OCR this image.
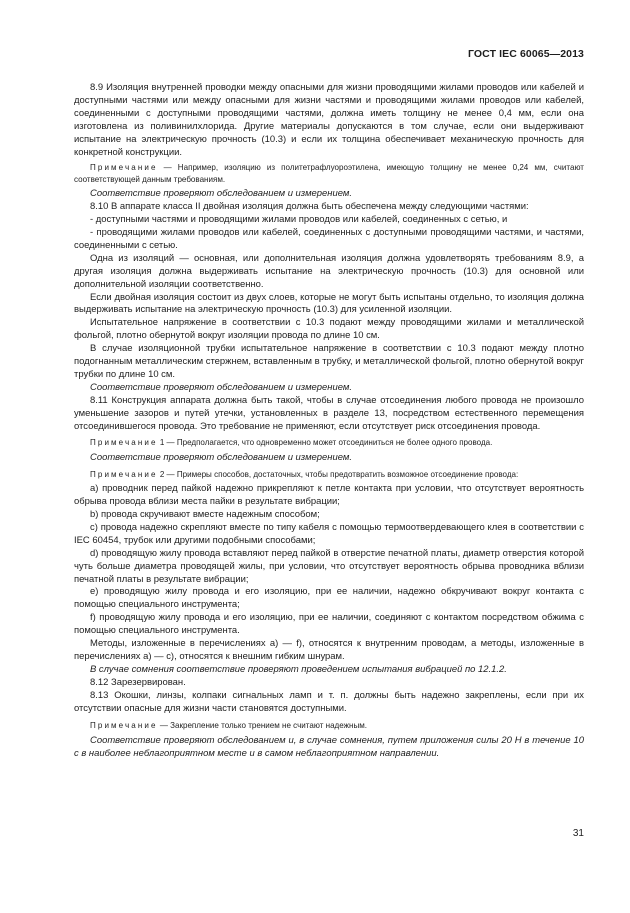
ГОСТ IEC 60065—2013

8.9 Изоляция внутренней проводки между опасными для жизни проводящими жилами проводов или кабелей и доступными частями или между опасными для жизни частями и проводящими жилами проводов или кабелей, соединенными с доступными проводящими частями, должна иметь толщину не менее 0,4 мм, если она изготовлена из поливинилхлорида. Другие материалы допускаются в том случае, если они выдерживают испытание на электрическую прочность (10.3) и если их толщина обеспечивает механическую прочность для конкретной конструкции.

Примечание — Например, изоляцию из политетрафлуороэтилена, имеющую толщину не менее 0,24 мм, считают соответствующей данным требованиям.

Соответствие проверяют обследованием и измерением.

8.10 В аппарате класса II двойная изоляция должна быть обеспечена между следующими частями:

- доступными частями и проводящими жилами проводов или кабелей, соединенных с сетью, и

- проводящими жилами проводов или кабелей, соединенных с доступными проводящими частями, и частями, соединенными с сетью.

Одна из изоляций — основная, или дополнительная изоляция должна удовлетворять требованиям 8.9, а другая изоляция должна выдерживать испытание на электрическую прочность (10.3) для основной или дополнительной изоляции соответственно.

Если двойная изоляция состоит из двух слоев, которые не могут быть испытаны отдельно, то изоляция должна выдерживать испытание на электрическую прочность (10.3) для усиленной изоляции.

Испытательное напряжение в соответствии с 10.3 подают между проводящими жилами и металлической фольгой, плотно обернутой вокруг изоляции провода по длине 10 см.

В случае изоляционной трубки испытательное напряжение в соответствии с 10.3 подают между плотно подогнанным металлическим стержнем, вставленным в трубку, и металлической фольгой, плотно обернутой вокруг трубки по длине 10 см.

Соответствие проверяют обследованием и измерением.

8.11 Конструкция аппарата должна быть такой, чтобы в случае отсоединения любого провода не произошло уменьшение зазоров и путей утечки, установленных в разделе 13, посредством естественного перемещения отсоединившегося провода. Это требование не применяют, если отсутствует риск отсоединения провода.

Примечание 1 — Предполагается, что одновременно может отсоединиться не более одного провода.

Соответствие проверяют обследованием и измерением.

Примечание 2 — Примеры способов, достаточных, чтобы предотвратить возможное отсоединение провода:

a) проводник перед пайкой надежно прикрепляют к петле контакта при условии, что отсутствует вероятность обрыва провода вблизи места пайки в результате вибрации;

b) провода скручивают вместе надежным способом;

c) провода надежно скрепляют вместе по типу кабеля с помощью термоотвердевающего клея в соответствии с IEC 60454, трубок или другими подобными способами;

d) проводящую жилу провода вставляют перед пайкой в отверстие печатной платы, диаметр отверстия которой чуть больше диаметра проводящей жилы, при условии, что отсутствует вероятность обрыва проводника вблизи печатной платы в результате вибрации;

e) проводящую жилу провода и его изоляцию, при ее наличии, надежно обкручивают вокруг контакта с помощью специального инструмента;

f) проводящую жилу провода и его изоляцию, при ее наличии, соединяют с контактом посредством обжима с помощью специального инструмента.

Методы, изложенные в перечислениях a) — f), относятся к внутренним проводам, а методы, изложенные в перечислениях a) — c), относятся к внешним гибким шнурам.

В случае сомнения соответствие проверяют проведением испытания вибрацией по 12.1.2.

8.12 Зарезервирован.

8.13 Окошки, линзы, колпаки сигнальных ламп и т. п. должны быть надежно закреплены, если при их отсутствии опасные для жизни части становятся доступными.

Примечание — Закрепление только трением не считают надежным.

Соответствие проверяют обследованием и, в случае сомнения, путем приложения силы 20 Н в течение 10 с в наиболее неблагоприятном месте и в самом неблагоприятном направлении.

31
